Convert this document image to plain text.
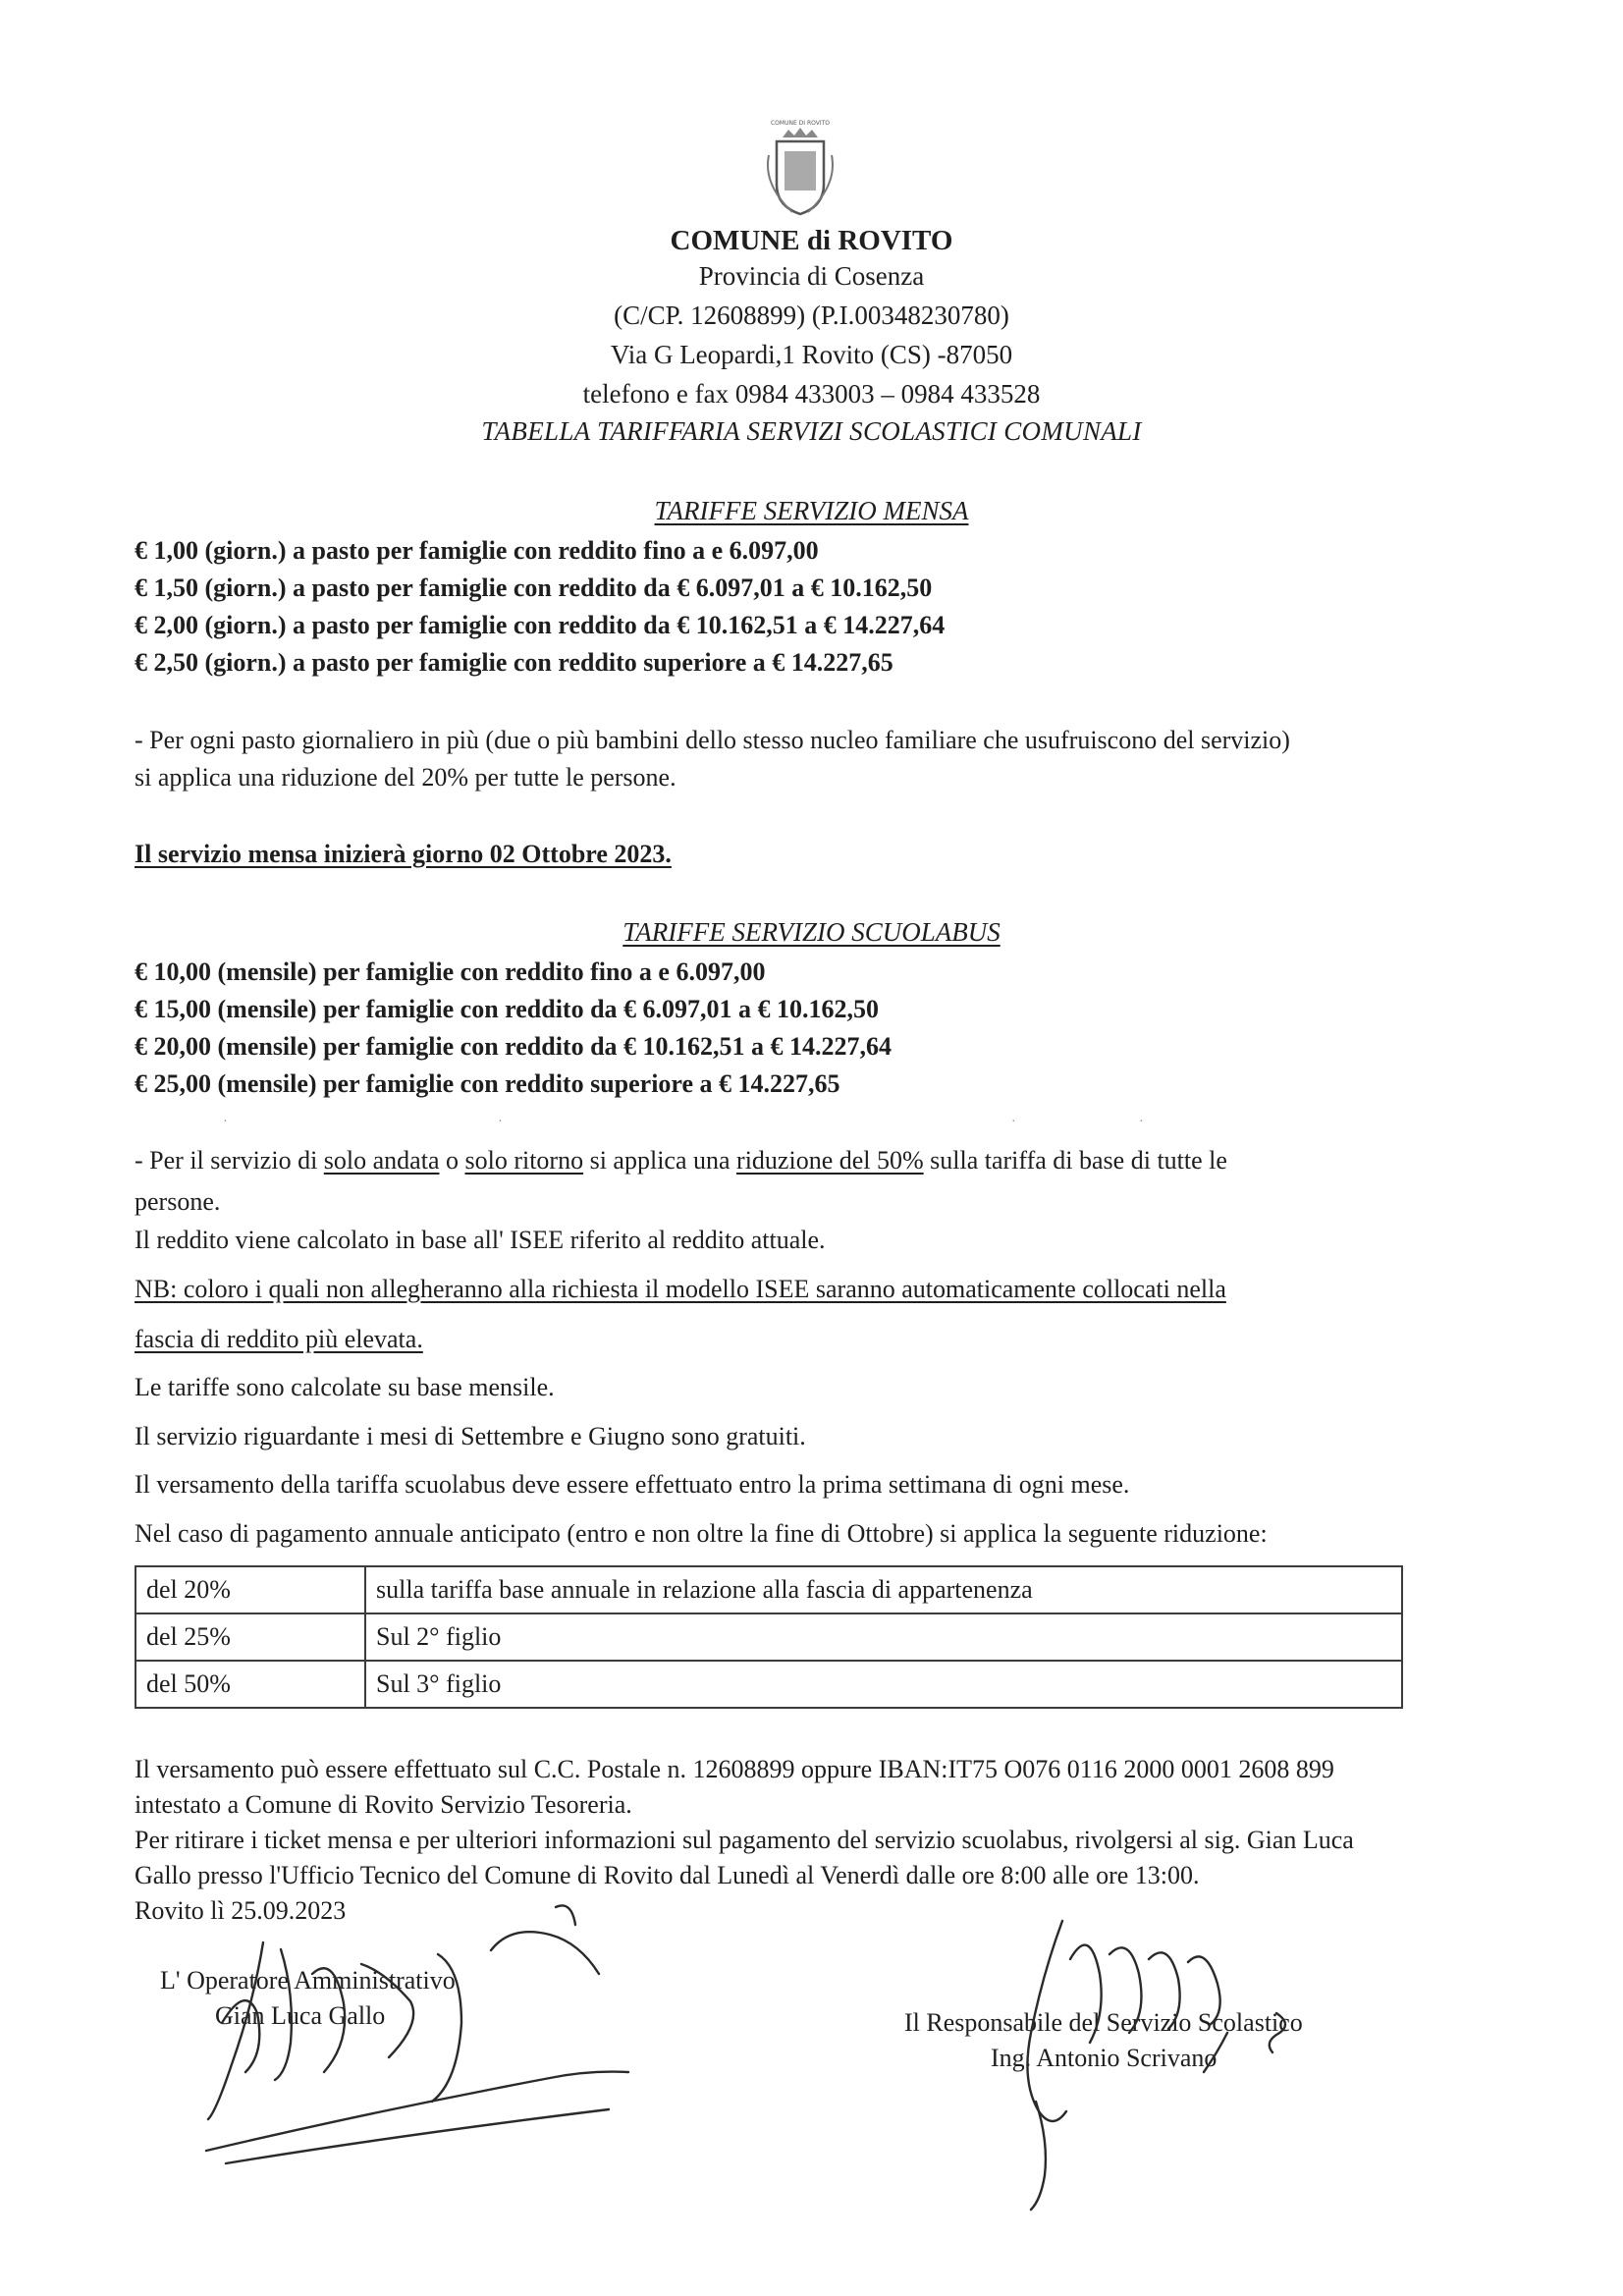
COMUNE DI ROVITO
COMUNE di ROVITO
Provincia di Cosenza
(C/CP. 12608899) (P.I.00348230780)
Via G Leopardi,1 Rovito (CS) -87050
telefono e fax 0984 433003 – 0984 433528
TABELLA TARIFFARIA SERVIZI SCOLASTICI COMUNALI
TARIFFE SERVIZIO MENSA
€ 1,00 (giorn.) a pasto per famiglie con reddito fino a e 6.097,00
€ 1,50 (giorn.) a pasto per famiglie con reddito da € 6.097,01 a € 10.162,50
€ 2,00 (giorn.) a pasto per famiglie con reddito da € 10.162,51 a € 14.227,64
€ 2,50 (giorn.) a pasto per famiglie con reddito superiore a € 14.227,65
- Per ogni pasto giornaliero in più (due o più bambini dello stesso nucleo familiare che usufruiscono del servizio)
si applica una riduzione del 20% per tutte le persone.
Il servizio mensa inizierà giorno 02 Ottobre 2023.
TARIFFE SERVIZIO SCUOLABUS
€ 10,00 (mensile) per famiglie con reddito fino a e 6.097,00
€ 15,00 (mensile) per famiglie con reddito da € 6.097,01 a € 10.162,50
€ 20,00 (mensile) per famiglie con reddito da € 10.162,51 a € 14.227,64
€ 25,00 (mensile) per famiglie con reddito superiore a € 14.227,65
·	·	·	·
- Per il servizio di solo andata o solo ritorno si applica una riduzione del 50% sulla tariffa di base di tutte le
persone.
Il reddito viene calcolato in base all' ISEE riferito al reddito attuale.
NB: coloro i quali non allegheranno alla richiesta il modello ISEE saranno automaticamente collocati nella
fascia di reddito più elevata.
Le tariffe sono calcolate su base mensile.
Il servizio riguardante i mesi di Settembre e Giugno sono gratuiti.
Il versamento della tariffa scuolabus deve essere effettuato entro la prima settimana di ogni mese.
Nel caso di pagamento annuale anticipato (entro e non oltre la fine di Ottobre) si applica la seguente riduzione:
del 20%	sulla tariffa base annuale in relazione alla fascia di appartenenza
del 25%	Sul 2° figlio
del 50%	Sul 3° figlio
Il versamento può essere effettuato sul C.C. Postale n. 12608899 oppure IBAN:IT75 O076 0116 2000 0001 2608 899
intestato a Comune di Rovito Servizio Tesoreria.
Per ritirare i ticket mensa e per ulteriori informazioni sul pagamento del servizio scuolabus, rivolgersi al sig. Gian Luca
Gallo presso l'Ufficio Tecnico del Comune di Rovito dal Lunedì al Venerdì dalle ore 8:00 alle ore 13:00.
Rovito lì 25.09.2023
L' Operatore Amministrativo
Gian Luca Gallo	Il Responsabile del Servizio Scolastico
Ing. Antonio Scrivano
